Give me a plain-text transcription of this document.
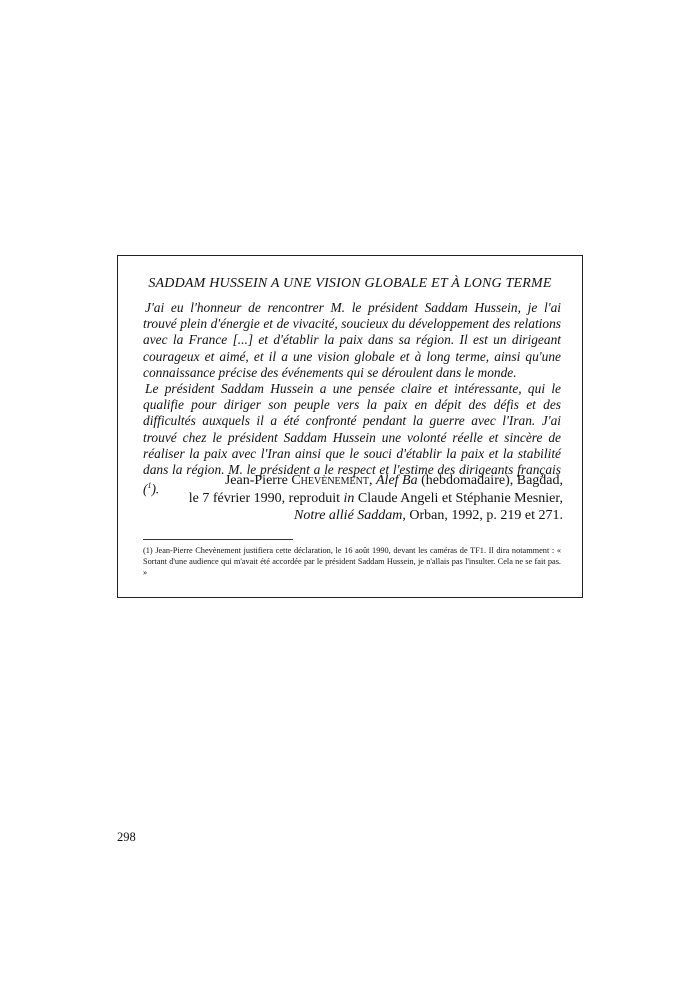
SADDAM HUSSEIN A UNE VISION GLOBALE ET À LONG TERME

J'ai eu l'honneur de rencontrer M. le président Saddam Hussein, je l'ai trouvé plein d'énergie et de vivacité, soucieux du développement des relations avec la France [...] et d'établir la paix dans sa région. Il est un dirigeant courageux et aimé, et il a une vision globale et à long terme, ainsi qu'une connaissance précise des événements qui se déroulent dans le monde.

Le président Saddam Hussein a une pensée claire et intéressante, qui le qualifie pour diriger son peuple vers la paix en dépit des défis et des difficultés auxquels il a été confronté pendant la guerre avec l'Iran. J'ai trouvé chez le président Saddam Hussein une volonté réelle et sincère de réaliser la paix avec l'Iran ainsi que le souci d'établir la paix et la stabilité dans la région. M. le président a le respect et l'estime des dirigeants français ($^1$).

Jean-Pierre Chevènement, Alef Ba (hebdomadaire), Bagdad,
le 7 février 1990, reproduit in Claude Angeli et Stéphanie Mesnier,
Notre allié Saddam, Orban, 1992, p. 219 et 271.
(1) Jean-Pierre Chevènement justifiera cette déclaration, le 16 août 1990, devant les caméras de TF1. Il dira notamment : « Sortant d'une audience qui m'avait été accordée par le président Saddam Hussein, je n'allais pas l'insulter. Cela ne se fait pas. »
298
